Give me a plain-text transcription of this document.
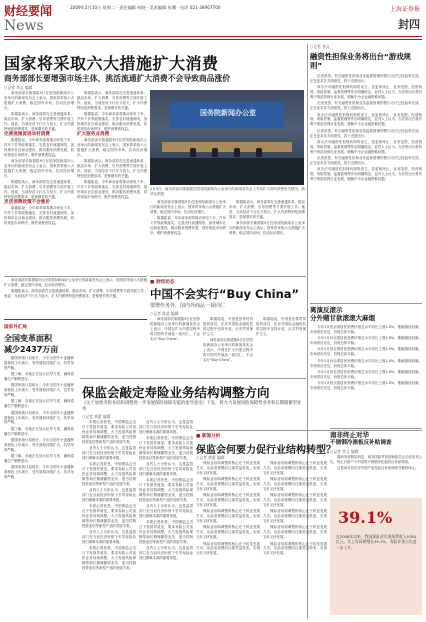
财经要闻	2009年2月10日 星期二 · 责任编辑 何晓 · 美术编辑 张曙 · 电话 021-38967700	上海证券报
News	封四
国家将采取六大措施扩大消费
商务部部长要增强市场主体、挑活流通扩大消费不会导致商品涨价
○记者 李文 编辑

商务部部长陈德铭9日在国务院新闻办公室举行的新闻发布会上表示，国家将采取六大措施扩大消费，稳定国内市场，拉动经济增长。

陈德铭表示，商务部将在完善流通体系、搞活市场、扩大消费、引导消费等方面开展工作。他说，当前经济下行压力较大，扩大内需特别是消费需求，是保增长的关键。

完善流通促进农村消费

陈德铭说，今年商务部将推动家电下乡、汽车下乡等政策落实，完善农村流通网络，加快城市社区商业建设，推动服务消费发展，同时规范市场秩序，维护消费者权益。

商务部部长陈德铭9日在国务院新闻办公室举行的新闻发布会上表示，国家将采取六大措施扩大消费，稳定国内市场，拉动经济增长。

陈德铭表示，商务部将在完善流通体系、搞活市场、扩大消费、引导消费等方面开展工作。他说，当前经济下行压力较大，扩大内需特别是消费需求，是保增长的关键。

灵活消费政策不会涨价

陈德铭说，今年商务部将推动家电下乡、汽车下乡等政策落实，完善农村流通网络，加快城市社区商业建设，推动服务消费发展，同时规范市场秩序，维护消费者权益。

陈德铭表示，商务部将在完善流通体系、搞活市场、扩大消费、引导消费等方面开展工作。他说，当前经济下行压力较大，扩大内需特别是消费需求，是保增长的关键。

陈德铭说，今年商务部将推动家电下乡、汽车下乡等政策落实，完善农村流通网络，加快城市社区商业建设，推动服务消费发展，同时规范市场秩序，维护消费者权益。

扩大服务业消费

商务部部长陈德铭9日在国务院新闻办公室举行的新闻发布会上表示，国家将采取六大措施扩大消费，稳定国内市场，拉动经济增长。

陈德铭表示，商务部将在完善流通体系、搞活市场、扩大消费、引导消费等方面开展工作。他说，当前经济下行压力较大，扩大内需特别是消费需求，是保增长的关键。

陈德铭说，今年商务部将推动家电下乡、汽车下乡等政策落实，完善农村流通网络，加快城市社区商业建设，推动服务消费发展，同时规范市场秩序，维护消费者权益。

国务院新闻办公室
2月9日，商务部部长陈德铭在国务院新闻办公室举行的新闻发布会上介绍扩大国内消费有关情况。新华社供图

商务部部长陈德铭9日在国务院新闻办公室举行的新闻发布会上表示，国家将采取六大措施扩大消费，稳定国内市场，拉动经济增长。

陈德铭说，今年商务部将推动家电下乡、汽车下乡等政策落实，完善农村流通网络，加快城市社区商业建设，推动服务消费发展，同时规范市场秩序，维护消费者权益。

陈德铭表示，商务部将在完善流通体系、搞活市场、扩大消费、引导消费等方面开展工作。他说，当前经济下行压力较大，扩大内需特别是消费需求，是保增长的关键。

商务部部长陈德铭9日在国务院新闻办公室举行的新闻发布会上表示，国家将采取六大措施扩大消费，稳定国内市场，拉动经济增长。

○记者 李文
融资性担保业务将出台“游戏规则”

记者获悉，有关融资性担保业务监督管理的暂行办法已经起草完成，正在征求各方面意见，将于近期出台。

该办法对融资性担保机构的设立、变更和终止，业务范围，经营规则，风险控制，监督管理等作出明确规定，业内人士认为，办法的出台将有利于规范担保行业发展，缓解中小企业融资难问题。

记者获悉，有关融资性担保业务监督管理的暂行办法已经起草完成，正在征求各方面意见，将于近期出台。

该办法对融资性担保机构的设立、变更和终止，业务范围，经营规则，风险控制，监督管理等作出明确规定，业内人士认为，办法的出台将有利于规范担保行业发展，缓解中小企业融资难问题。

记者获悉，有关融资性担保业务监督管理的暂行办法已经起草完成，正在征求各方面意见，将于近期出台。

该办法对融资性担保机构的设立、变更和终止，业务范围，经营规则，风险控制，监督管理等作出明确规定，业内人士认为，办法的出台将有利于规范担保行业发展，缓解中小企业融资难问题。

记者获悉，有关融资性担保业务监督管理的暂行办法已经起草完成，正在征求各方面意见，将于近期出台。

该办法对融资性担保机构的设立、变更和终止，业务范围，经营规则，风险控制，监督管理等作出明确规定，业内人士认为，办法的出台将有利于规范担保行业发展，缓解中小企业融资难问题。

■ 财经动态
中国不会实行“Buy China”
要增作务外，国内外商品一视同仁
○记者 陈凌 编辑

商务部部长陈德铭9日在国务院新闻办公室举行的新闻发布会上表示，中国在扩大内需过程中将对国内外商品一视同仁，不会实行“Buy China”。

陈德铭说，中国是世界贸易组织成员，在应对国际金融危机的过程中坚持开放，反对贸易保护主义。

商务部部长陈德铭9日在国务院新闻办公室举行的新闻发布会上表示，中国在扩大内需过程中将对国内外商品一视同仁，不会实行“Buy China”。

陈德铭说，中国是世界贸易组织成员，在应对国际金融危机的过程中坚持开放，反对贸易保护主义。

商务部部长陈德铭9日在国务院新闻办公室举行的新闻发布会上表示，国家将采取六大措施扩大消费，稳定国内市场，拉动经济增长。

陈德铭表示，商务部将在完善流通体系、搞活市场、扩大消费、引导消费等方面开展工作。他说，当前经济下行压力较大，扩大内需特别是消费需求，是保增长的关键。

国家外汇局
全国变革面积
减少2437万亩

据国家统计局统计，今年全国冬小麦播种面积较上年减少，受旱面积持续扩大，抗旱形势严峻。

据了解，各地正在加大抗旱力度，确保春播生产顺利进行。

据国家统计局统计，今年全国冬小麦播种面积较上年减少，受旱面积持续扩大，抗旱形势严峻。

据了解，各地正在加大抗旱力度，确保春播生产顺利进行。

据国家统计局统计，今年全国冬小麦播种面积较上年减少，受旱面积持续扩大，抗旱形势严峻。

据了解，各地正在加大抗旱力度，确保春播生产顺利进行。

据国家统计局统计，今年全国冬小麦播种面积较上年减少，受旱面积持续扩大，抗旱形势严峻。

据了解，各地正在加大抗旱力度，确保春播生产顺利进行。

据国家统计局统计，今年全国冬小麦播种面积较上年减少，受旱面积持续扩大，抗旱形势严峻。

保监会敲定寿险业务结构调整方向
《关于加快寿险业结构调整进一步发展保险保障功能的指导意见》下发，将大力发展风险保障型业务和长期储蓄型业务
○记者 黄蕾 编辑

本报记者获悉，中国保监会近日下发指导意见，要求寿险公司加快业务结构调整，大力发展风险保障型和长期储蓄型业务，适当控制投资连结等新型产品的发展节奏。

业内人士分析认为，这是监管部门在当前经济形势下引导寿险业回归保障本源的重要举措。

本报记者获悉，中国保监会近日下发指导意见，要求寿险公司加快业务结构调整，大力发展风险保障型和长期储蓄型业务，适当控制投资连结等新型产品的发展节奏。

业内人士分析认为，这是监管部门在当前经济形势下引导寿险业回归保障本源的重要举措。

本报记者获悉，中国保监会近日下发指导意见，要求寿险公司加快业务结构调整，大力发展风险保障型和长期储蓄型业务，适当控制投资连结等新型产品的发展节奏。

业内人士分析认为，这是监管部门在当前经济形势下引导寿险业回归保障本源的重要举措。

本报记者获悉，中国保监会近日下发指导意见，要求寿险公司加快业务结构调整，大力发展风险保障型和长期储蓄型业务，适当控制投资连结等新型产品的发展节奏。

业内人士分析认为，这是监管部门在当前经济形势下引导寿险业回归保障本源的重要举措。

本报记者获悉，中国保监会近日下发指导意见，要求寿险公司加快业务结构调整，大力发展风险保障型和长期储蓄型业务，适当控制投资连结等新型产品的发展节奏。

业内人士分析认为，这是监管部门在当前经济形势下引导寿险业回归保障本源的重要举措。

本报记者获悉，中国保监会近日下发指导意见，要求寿险公司加快业务结构调整，大力发展风险保障型和长期储蓄型业务，适当控制投资连结等新型产品的发展节奏。

业内人士分析认为，这是监管部门在当前经济形势下引导寿险业回归保障本源的重要举措。

本报记者获悉，中国保监会近日下发指导意见，要求寿险公司加快业务结构调整，大力发展风险保障型和长期储蓄型业务，适当控制投资连结等新型产品的发展节奏。

业内人士分析认为，这是监管部门在当前经济形势下引导寿险业回归保障本源的重要举措。

■ 新闻分析
保监会何要力促行业结构转型？
○记者 黄蕾 编辑

保险业结构调整的核心在于转变发展方式，从追求规模向注重效益转变，实现又好又快发展。

保险业结构调整的核心在于转变发展方式，从追求规模向注重效益转变，实现又好又快发展。

保险业结构调整的核心在于转变发展方式，从追求规模向注重效益转变，实现又好又快发展。

保险业结构调整的核心在于转变发展方式，从追求规模向注重效益转变，实现又好又快发展。

保险业结构调整的核心在于转变发展方式，从追求规模向注重效益转变，实现又好又快发展。

保险业结构调整的核心在于转变发展方式，从追求规模向注重效益转变，实现又好又快发展。

保险业结构调整的核心在于转变发展方式，从追求规模向注重效益转变，实现又好又快发展。

保险业结构调整的核心在于转变发展方式，从追求规模向注重效益转变，实现又好又快发展。

保险业结构调整的核心在于转变发展方式，从追求规模向注重效益转变，实现又好又快发展。

保险业结构调整的核心在于转变发展方式，从追求规模向注重效益转变，实现又好又快发展。

保险业结构调整的核心在于转变发展方式，从追求规模向注重效益转变，实现又好又快发展。

保险业结构调整的核心在于转变发展方式，从追求规模向注重效益转变，实现又好又快发展。

39.1%
在2008年以来，我国保险业实现保费收入9784亿元，比上年同期增长39.1%，寿险业务占比进一步上升。
离演反滚示
分外赌甘欲滚滚大麻烟

今年1月份全国居民消费价格总水平同比上涨1.0%，涨幅继续回落，市场供应充足，价格总体平稳。

今年1月份全国居民消费价格总水平同比上涨1.0%，涨幅继续回落，市场供应充足，价格总体平稳。

今年1月份全国居民消费价格总水平同比上涨1.0%，涨幅继续回落，市场供应充足，价格总体平稳。

今年1月份全国居民消费价格总水平同比上涨1.0%，涨幅继续回落，市场供应充足，价格总体平稳。

今年1月份全国居民消费价格总水平同比上涨1.0%，涨幅继续回落，市场供应充足，价格总体平稳。

今年1月份全国居民消费价格总水平同比上涨1.0%，涨幅继续回落，市场供应充足，价格总体平稳。

南非终止对华
不锈钢冷滚板反补贴调查
○记者 李文 编辑

据商务部网站消息，南非国际贸易管理委员会日前发布公告，终止对原产于中国的不锈钢冷轧板的反补贴调查。

这是南非首次对中国产品发起反补贴调查并最终终止。
